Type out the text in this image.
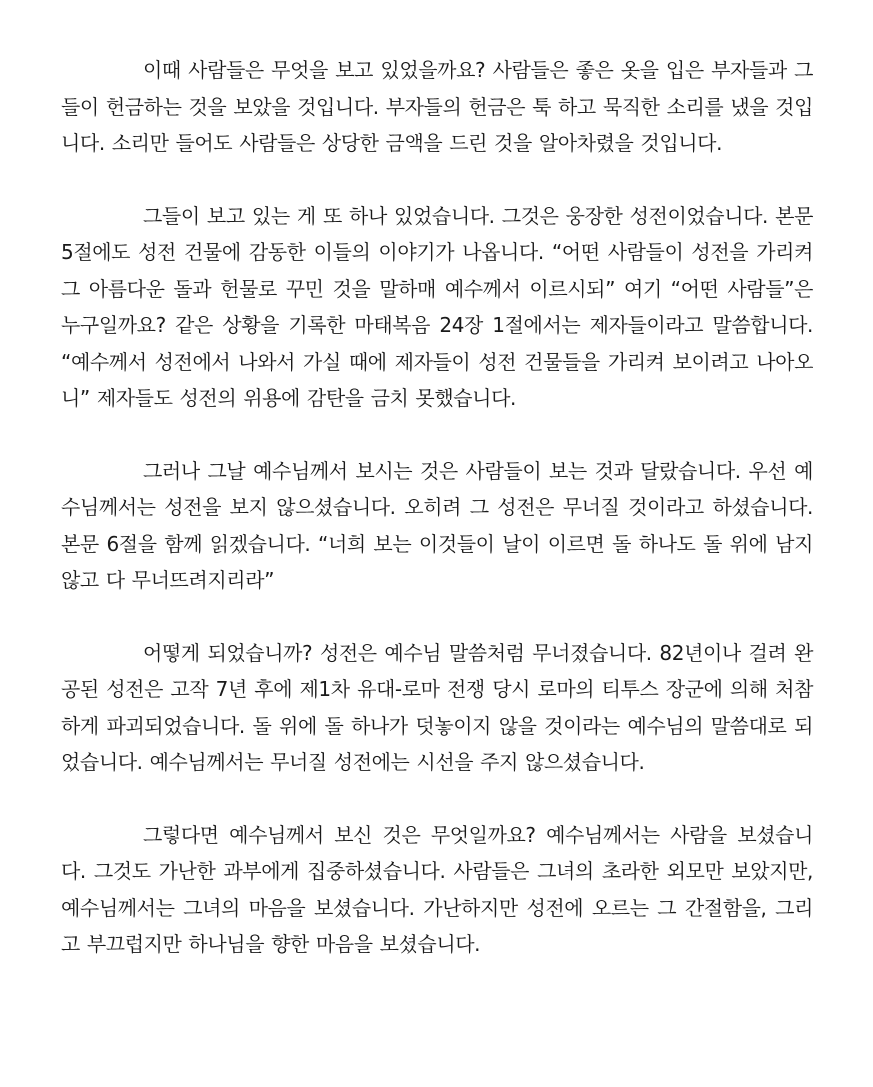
이때 사람들은 무엇을 보고 있었을까요? 사람들은 좋은 옷을 입은 부자들과 그들이 헌금하는 것을 보았을 것입니다. 부자들의 헌금은 툭 하고 묵직한 소리를 냈을 것입니다. 소리만 들어도 사람들은 상당한 금액을 드린 것을 알아차렸을 것입니다.

그들이 보고 있는 게 또 하나 있었습니다. 그것은 웅장한 성전이었습니다. 본문 5절에도 성전 건물에 감동한 이들의 이야기가 나옵니다. “어떤 사람들이 성전을 가리켜 그 아름다운 돌과 헌물로 꾸민 것을 말하매 예수께서 이르시되” 여기 “어떤 사람들”은 누구일까요? 같은 상황을 기록한 마태복음 24장 1절에서는 제자들이라고 말씀합니다. “예수께서 성전에서 나와서 가실 때에 제자들이 성전 건물들을 가리켜 보이려고 나아오니” 제자들도 성전의 위용에 감탄을 금치 못했습니다.

그러나 그날 예수님께서 보시는 것은 사람들이 보는 것과 달랐습니다. 우선 예수님께서는 성전을 보지 않으셨습니다. 오히려 그 성전은 무너질 것이라고 하셨습니다. 본문 6절을 함께 읽겠습니다. “너희 보는 이것들이 날이 이르면 돌 하나도 돌 위에 남지 않고 다 무너뜨려지리라”

어떻게 되었습니까? 성전은 예수님 말씀처럼 무너졌습니다. 82년이나 걸려 완공된 성전은 고작 7년 후에 제1차 유대-로마 전쟁 당시 로마의 티투스 장군에 의해 처참하게 파괴되었습니다. 돌 위에 돌 하나가 덧놓이지 않을 것이라는 예수님의 말씀대로 되었습니다. 예수님께서는 무너질 성전에는 시선을 주지 않으셨습니다.

그렇다면 예수님께서 보신 것은 무엇일까요? 예수님께서는 사람을 보셨습니다. 그것도 가난한 과부에게 집중하셨습니다. 사람들은 그녀의 초라한 외모만 보았지만, 예수님께서는 그녀의 마음을 보셨습니다. 가난하지만 성전에 오르는 그 간절함을, 그리고 부끄럽지만 하나님을 향한 마음을 보셨습니다.
